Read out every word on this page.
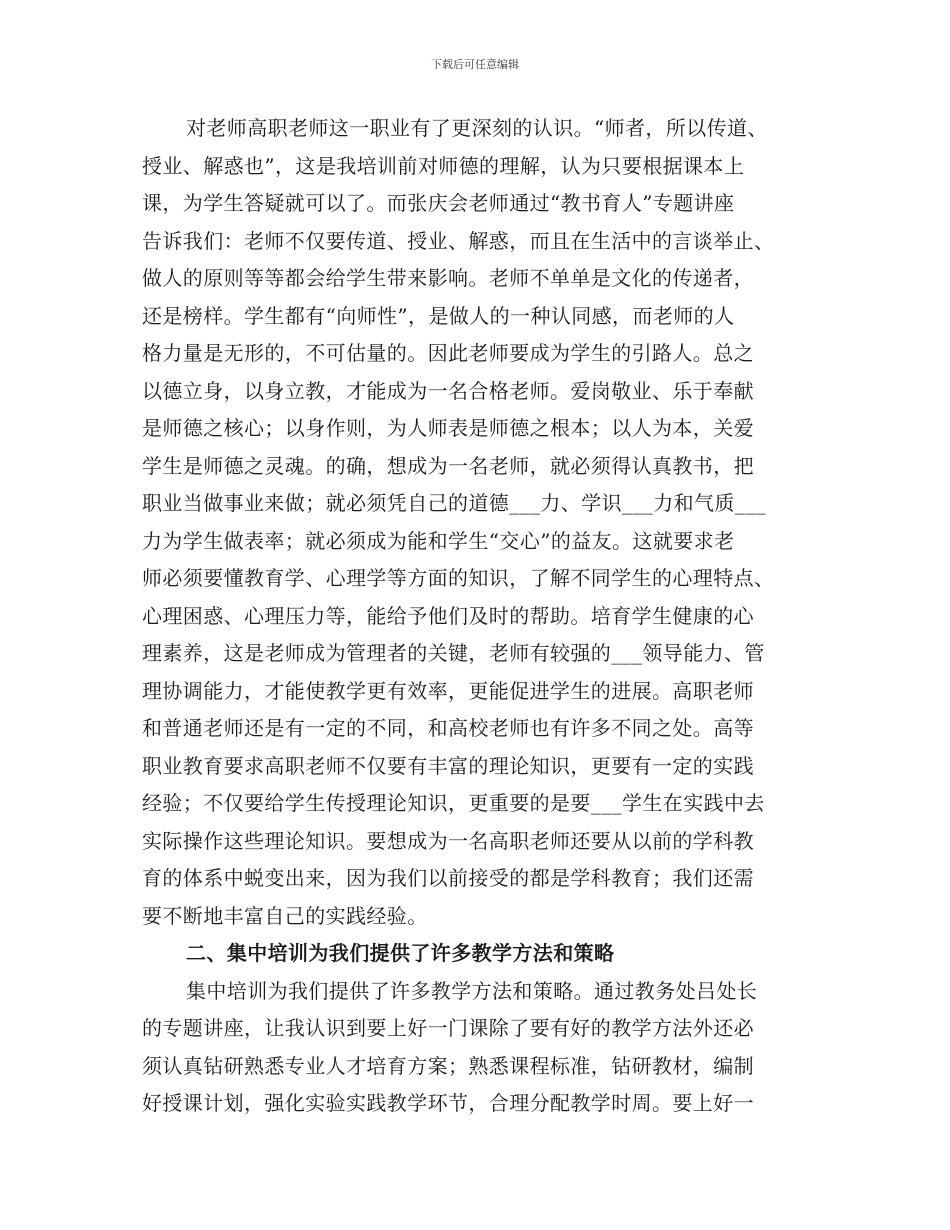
下载后可任意编辑
对老师高职老师这一职业有了更深刻的认识。“师者，所以传道、
授业、解惑也”，这是我培训前对师德的理解，认为只要根据课本上
课，为学生答疑就可以了。而张庆会老师通过“教书育人”专题讲座
告诉我们：老师不仅要传道、授业、解惑，而且在生活中的言谈举止、
做人的原则等等都会给学生带来影响。老师不单单是文化的传递者，
还是榜样。学生都有“向师性”，是做人的一种认同感，而老师的人
格力量是无形的，不可估量的。因此老师要成为学生的引路人。总之
以德立身，以身立教，才能成为一名合格老师。爱岗敬业、乐于奉献
是师德之核心；以身作则，为人师表是师德之根本；以人为本，关爱
学生是师德之灵魂。的确，想成为一名老师，就必须得认真教书，把
职业当做事业来做；就必须凭自己的道德___力、学识___力和气质___
力为学生做表率；就必须成为能和学生“交心”的益友。这就要求老
师必须要懂教育学、心理学等方面的知识，了解不同学生的心理特点、
心理困惑、心理压力等，能给予他们及时的帮助。培育学生健康的心
理素养，这是老师成为管理者的关键，老师有较强的___领导能力、管
理协调能力，才能使教学更有效率，更能促进学生的进展。高职老师
和普通老师还是有一定的不同，和高校老师也有许多不同之处。高等
职业教育要求高职老师不仅要有丰富的理论知识，更要有一定的实践
经验；不仅要给学生传授理论知识，更重要的是要___学生在实践中去
实际操作这些理论知识。要想成为一名高职老师还要从以前的学科教
育的体系中蜕变出来，因为我们以前接受的都是学科教育；我们还需
要不断地丰富自己的实践经验。
二、集中培训为我们提供了许多教学方法和策略
集中培训为我们提供了许多教学方法和策略。通过教务处吕处长
的专题讲座，让我认识到要上好一门课除了要有好的教学方法外还必
须认真钻研熟悉专业人才培育方案；熟悉课程标准，钻研教材，编制
好授课计划，强化实验实践教学环节，合理分配教学时周。要上好一
